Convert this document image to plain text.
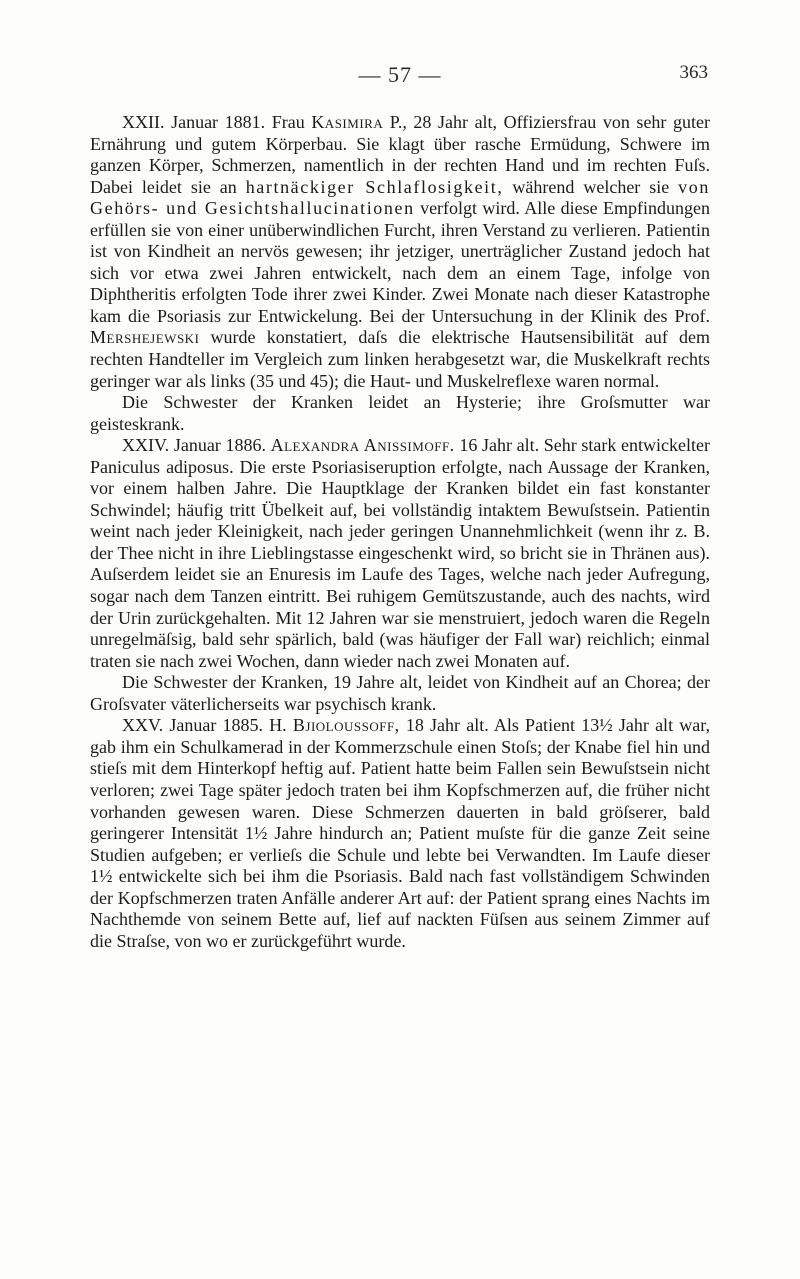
— 57 —	363

XXII. Januar 1881. Frau Kasimira P., 28 Jahr alt, Offiziersfrau von sehr guter Ernährung und gutem Körperbau. Sie klagt über rasche Ermüdung, Schwere im ganzen Körper, Schmerzen, namentlich in der rechten Hand und im rechten Fuſs. Dabei leidet sie an hartnäckiger Schlaflosigkeit, während welcher sie von Gehörs- und Gesichtshallucinationen verfolgt wird. Alle diese Empfindungen erfüllen sie von einer unüberwindlichen Furcht, ihren Verstand zu verlieren. Patientin ist von Kindheit an nervös gewesen; ihr jetziger, unerträglicher Zustand jedoch hat sich vor etwa zwei Jahren entwickelt, nach dem an einem Tage, infolge von Diphtheritis erfolgten Tode ihrer zwei Kinder. Zwei Monate nach dieser Katastrophe kam die Psoriasis zur Entwickelung. Bei der Untersuchung in der Klinik des Prof. Mershejewski wurde konstatiert, daſs die elektrische Hautsensibilität auf dem rechten Handteller im Vergleich zum linken herabgesetzt war, die Muskelkraft rechts geringer war als links (35 und 45); die Haut- und Muskelreflexe waren normal.

Die Schwester der Kranken leidet an Hysterie; ihre Groſsmutter war geisteskrank.

XXIV. Januar 1886. Alexandra Anissimoff. 16 Jahr alt. Sehr stark entwickelter Paniculus adiposus. Die erste Psoriasiseruption erfolgte, nach Aussage der Kranken, vor einem halben Jahre. Die Hauptklage der Kranken bildet ein fast konstanter Schwindel; häufig tritt Übelkeit auf, bei vollständig intaktem Bewuſstsein. Patientin weint nach jeder Kleinigkeit, nach jeder geringen Unannehmlichkeit (wenn ihr z. B. der Thee nicht in ihre Lieblingstasse eingeschenkt wird, so bricht sie in Thränen aus). Auſserdem leidet sie an Enuresis im Laufe des Tages, welche nach jeder Aufregung, sogar nach dem Tanzen eintritt. Bei ruhigem Gemütszustande, auch des nachts, wird der Urin zurückgehalten. Mit 12 Jahren war sie menstruiert, jedoch waren die Regeln unregelmäſsig, bald sehr spärlich, bald (was häufiger der Fall war) reichlich; einmal traten sie nach zwei Wochen, dann wieder nach zwei Monaten auf.

Die Schwester der Kranken, 19 Jahre alt, leidet von Kindheit auf an Chorea; der Groſsvater väterlicherseits war psychisch krank.

XXV. Januar 1885. H. Bjioloussoff, 18 Jahr alt. Als Patient 13½ Jahr alt war, gab ihm ein Schulkamerad in der Kommerzschule einen Stoſs; der Knabe fiel hin und stieſs mit dem Hinterkopf heftig auf. Patient hatte beim Fallen sein Bewuſstsein nicht verloren; zwei Tage später jedoch traten bei ihm Kopfschmerzen auf, die früher nicht vorhanden gewesen waren. Diese Schmerzen dauerten in bald gröſserer, bald geringerer Intensität 1½ Jahre hindurch an; Patient muſste für die ganze Zeit seine Studien aufgeben; er verlieſs die Schule und lebte bei Verwandten. Im Laufe dieser 1½ entwickelte sich bei ihm die Psoriasis. Bald nach fast vollständigem Schwinden der Kopfschmerzen traten Anfälle anderer Art auf: der Patient sprang eines Nachts im Nachthemde von seinem Bette auf, lief auf nackten Füſsen aus seinem Zimmer auf die Straſse, von wo er zurückgeführt wurde.
